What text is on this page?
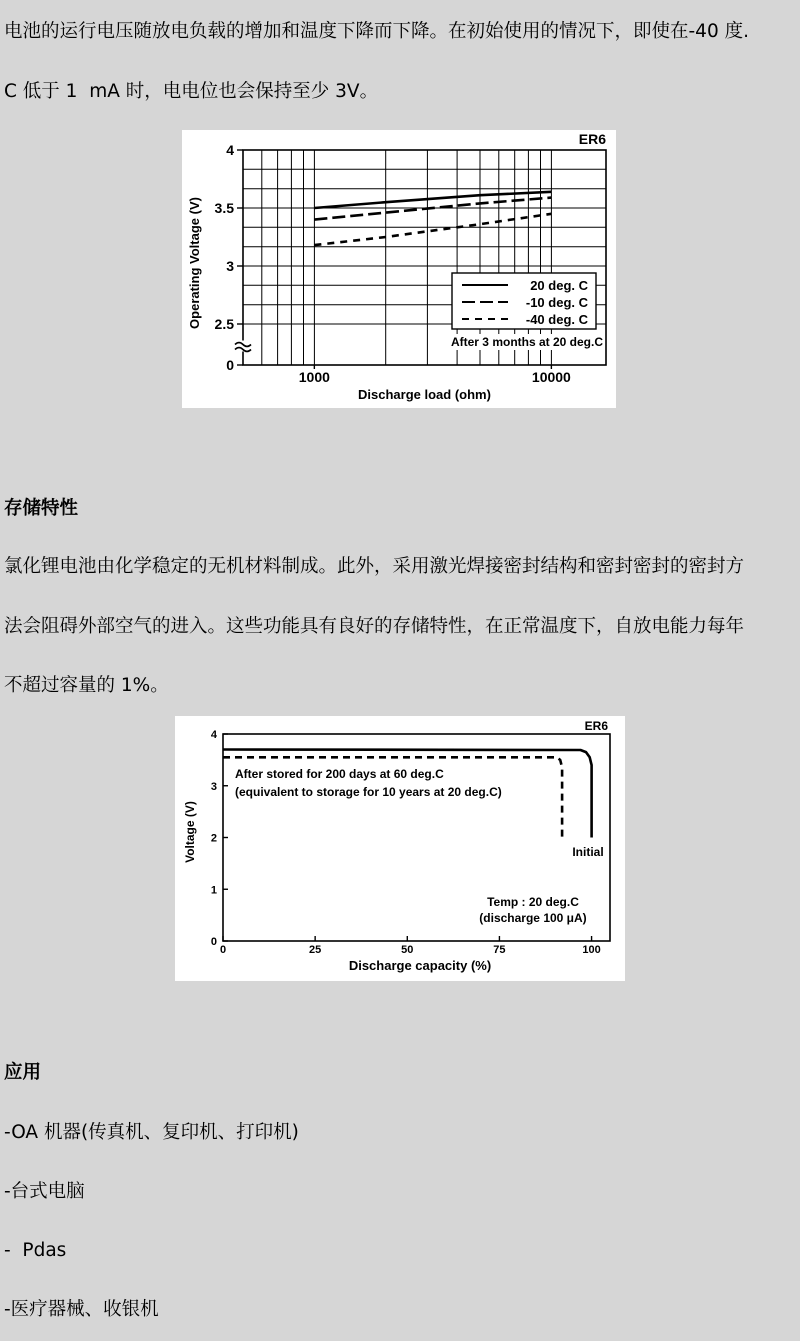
电池的运行电压随放电负载的增加和温度下降而下降。在初始使用的情况下，即使在-40 度.
C 低于 1  mA 时，电电位也会保持至少 3V。
0
2.5
3
3.5
4
1000	10000
20 deg. C
-10 deg. C
-40 deg. C
After 3 months at 20 deg.C
ER6
Discharge load (ohm)
Operating Voltage (V)
存储特性
氯化锂电池由化学稳定的无机材料制成。此外，采用激光焊接密封结构和密封密封的密封方
法会阻碍外部空气的进入。这些功能具有良好的存储特性，在正常温度下，自放电能力每年
不超过容量的 1%。
0	25	50	75	100
0
1
2
3
4
Initial
After stored for 200 days at 60 deg.C
(equivalent to storage for 10 years at 20 deg.C)
Temp : 20 deg.C
(discharge 100 μA)
ER6
Discharge capacity (%)
Voltage (V)
应用
-OA 机器(传真机、复印机、打印机)
-台式电脑
-  Pdas
-医疗器械、收银机
